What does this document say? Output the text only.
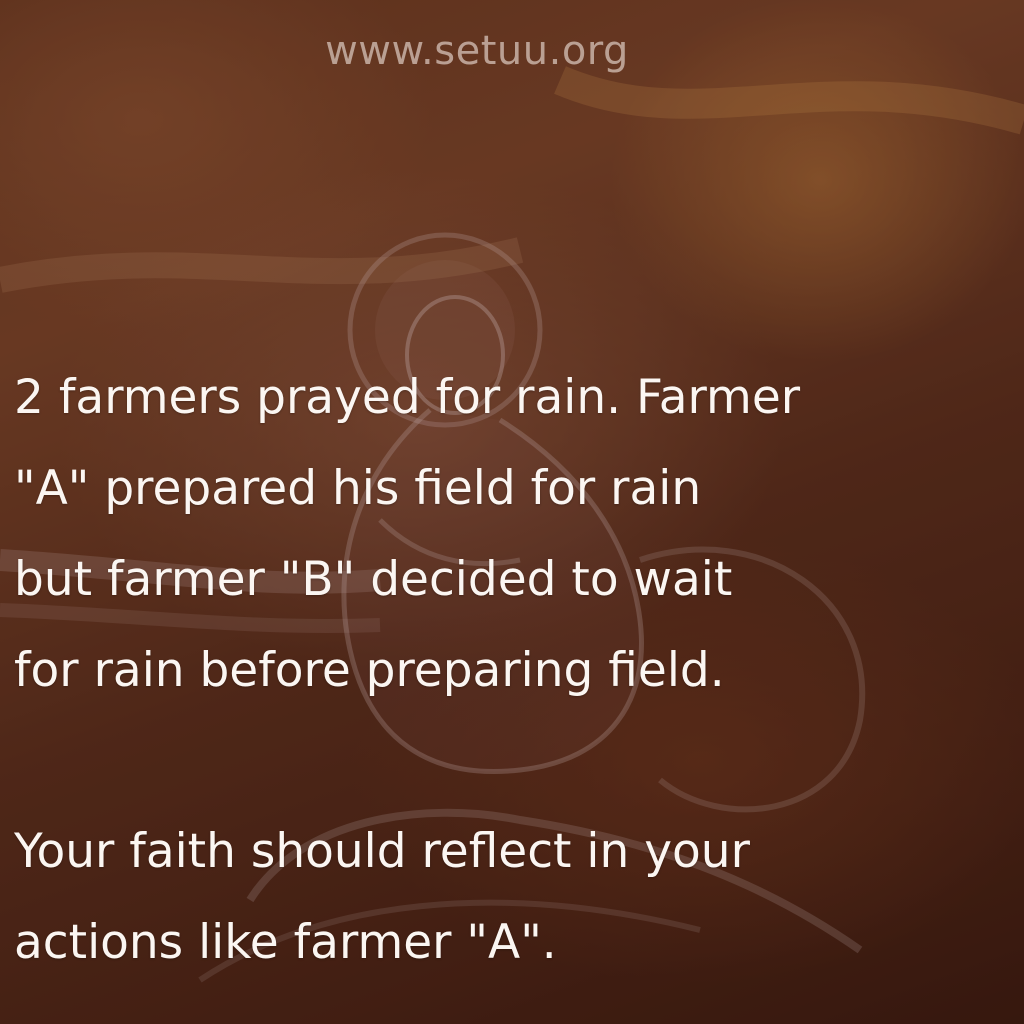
www.setuu.org
2 farmers prayed for rain. Farmer
"A" prepared his field for rain
but farmer "B" decided to wait
for rain before preparing field.
Your faith should reflect in your
actions like farmer "A".
